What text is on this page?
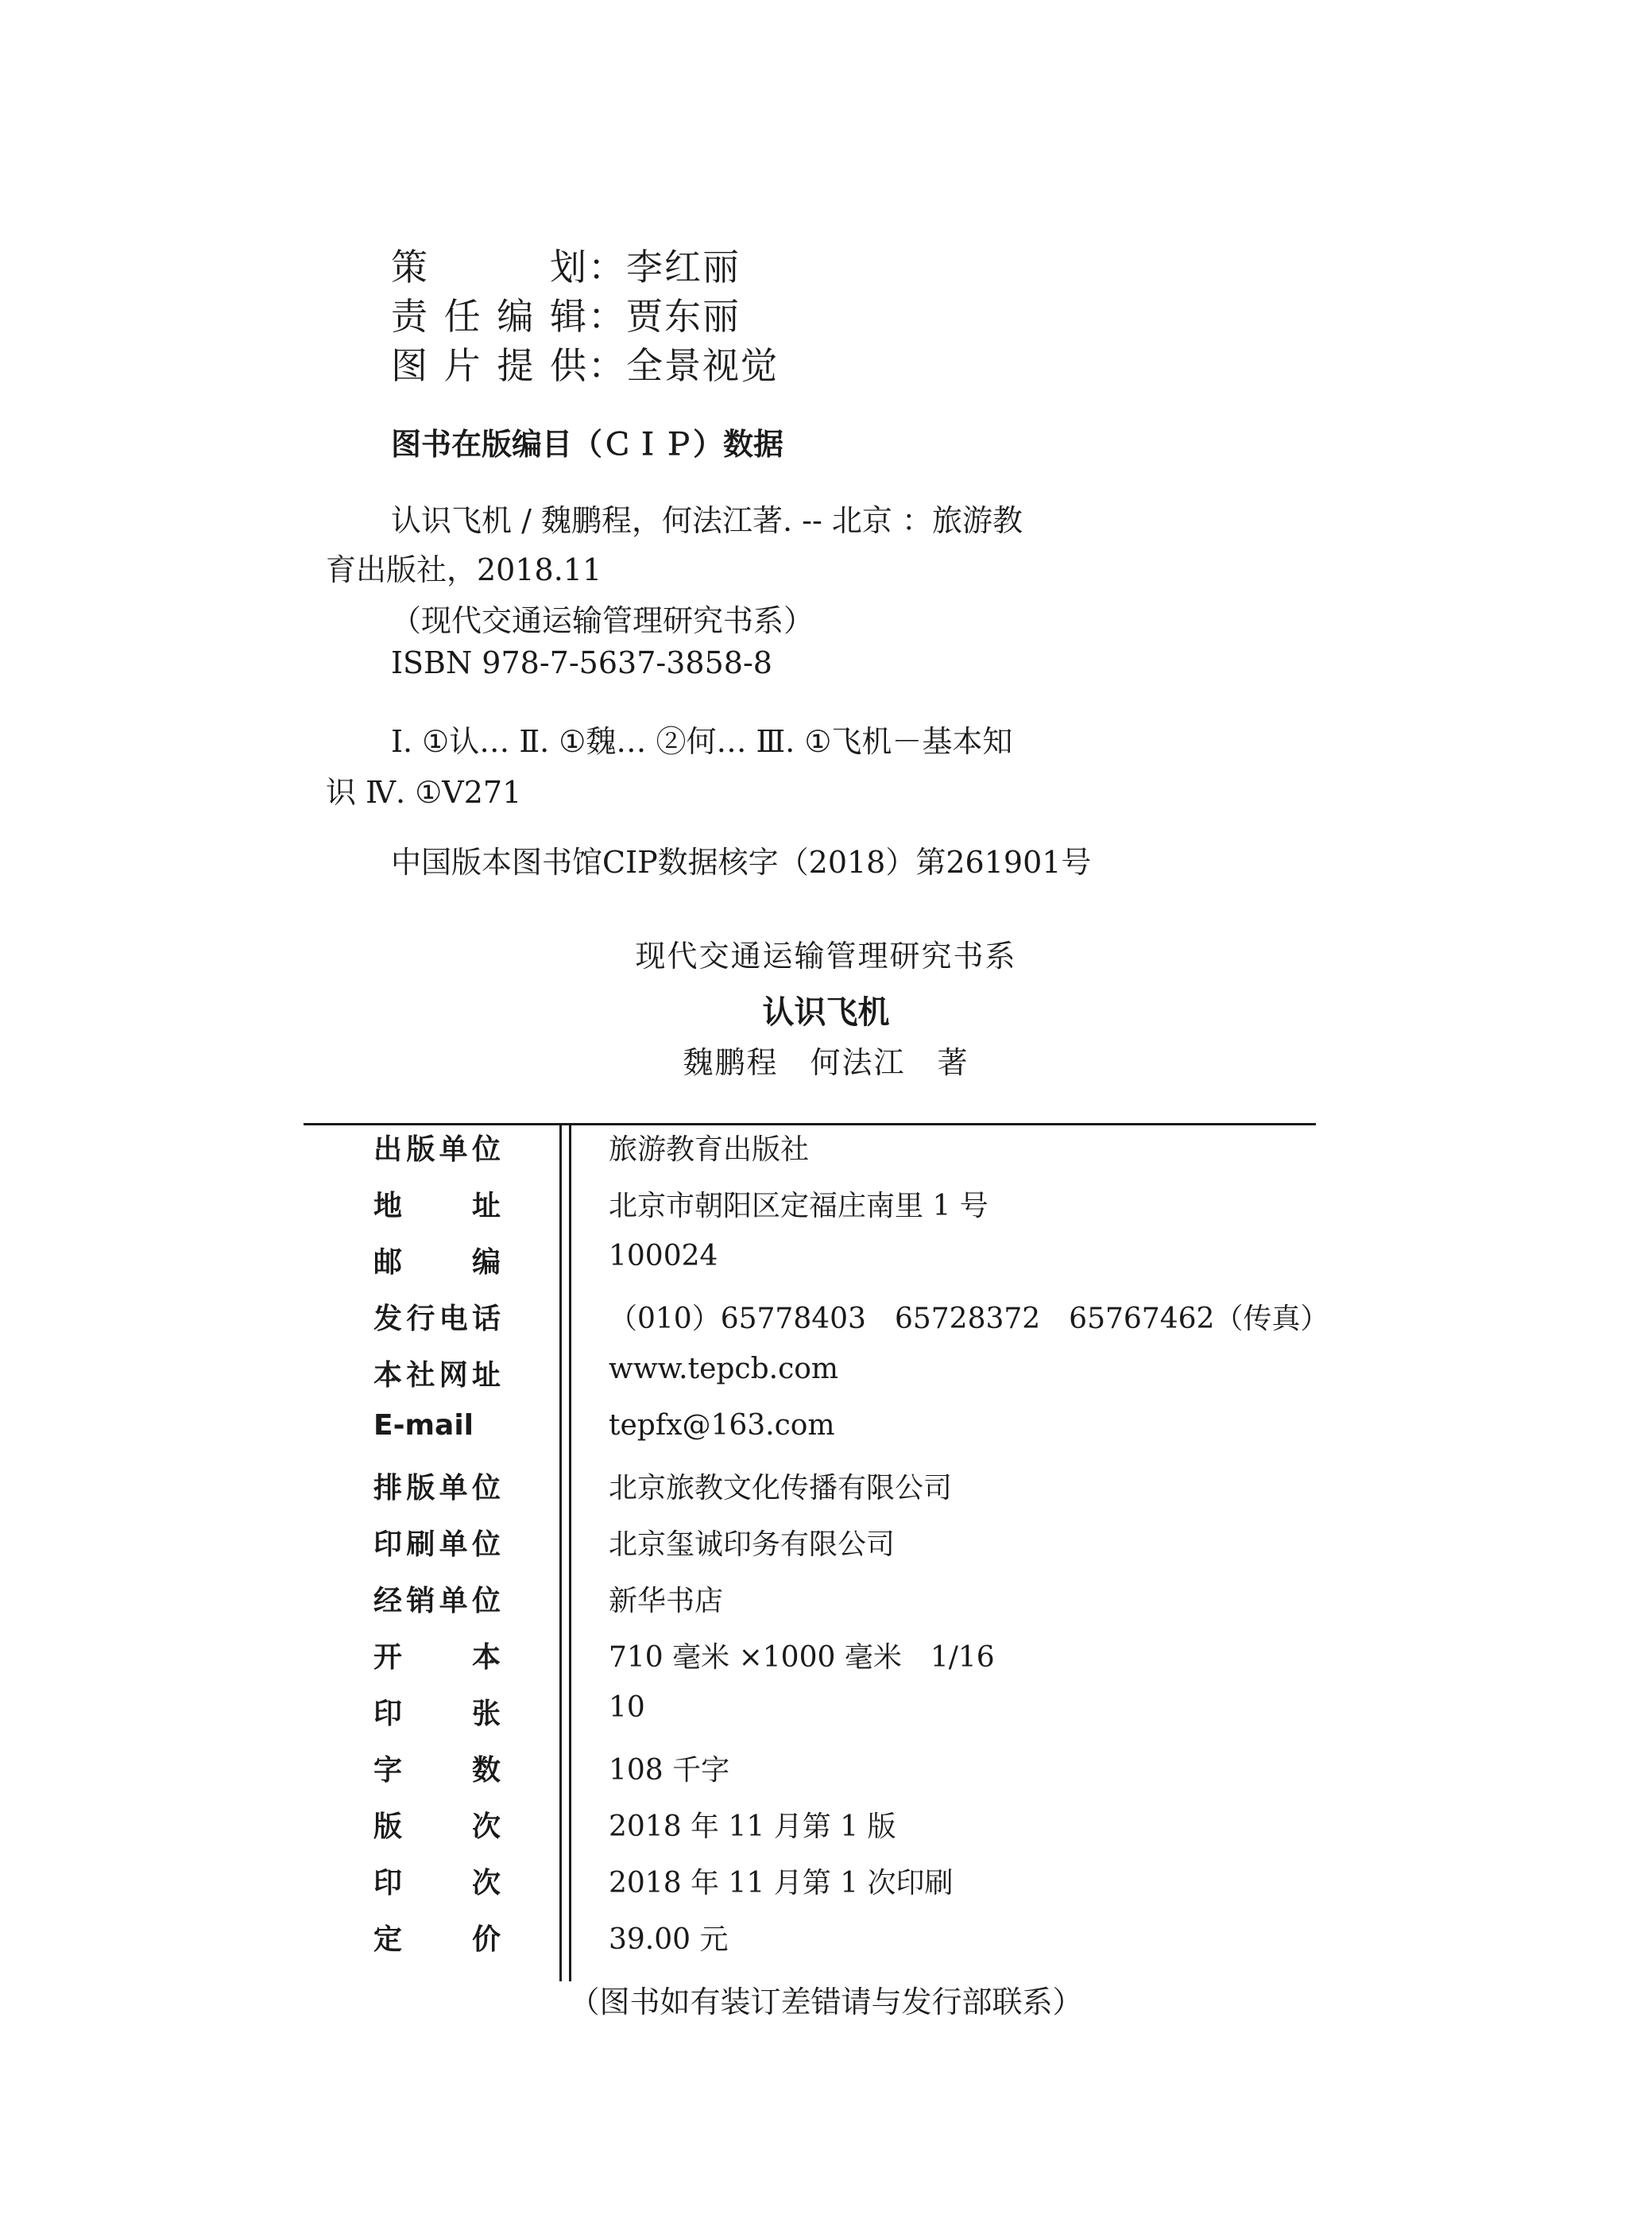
策　划：李红丽
责任编辑：贾东丽
图片提供：全景视觉
图书在版编目（ＣＩＰ）数据
认识飞机 / 魏鹏程，何法江著. -- 北京 ：旅游教
育出版社，2018.11
（现代交通运输管理研究书系）
ISBN 978-7-5637-3858-8
Ⅰ. ①认… Ⅱ. ①魏… ②何… Ⅲ. ①飞机－基本知
识 Ⅳ. ①V271
中国版本图书馆CIP数据核字（2018）第261901号
现代交通运输管理研究书系
认识飞机
魏鹏程　何法江　著
出版单位	旅游教育出版社
地址	北京市朝阳区定福庄南里 1 号
邮编	100024
发行电话	（010）65778403　65728372　65767462（传真）
本社网址	www.tepcb.com
E-mail	tepfx@163.com
排版单位	北京旅教文化传播有限公司
印刷单位	北京玺诚印务有限公司
经销单位	新华书店
开本	710 毫米 ×1000 毫米　1/16
印张	10
字数	108 千字
版次	2018 年 11 月第 1 版
印次	2018 年 11 月第 1 次印刷
定价	39.00 元
（图书如有装订差错请与发行部联系）
